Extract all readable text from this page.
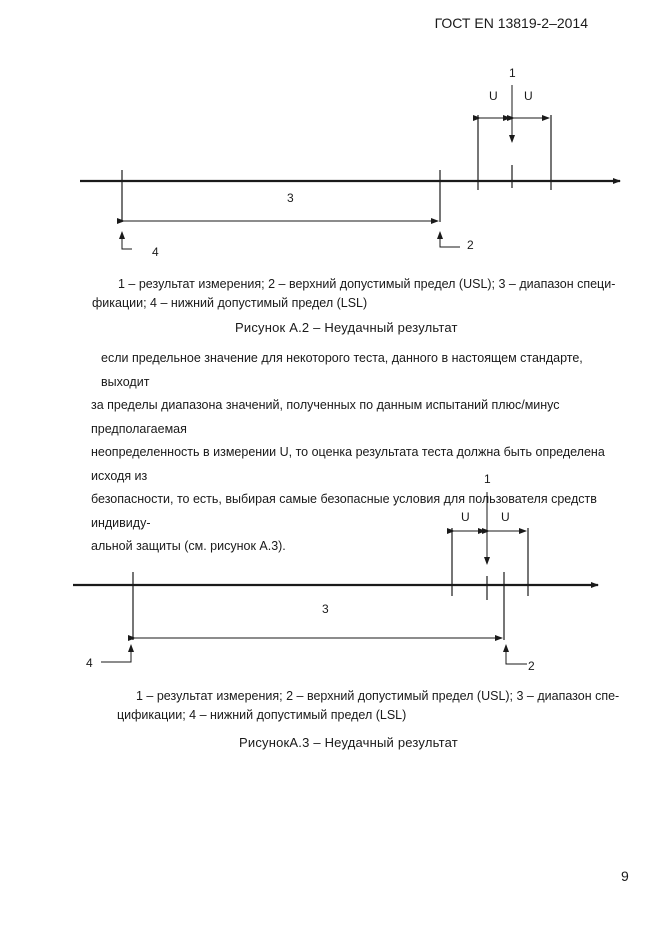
ГОСТ EN 13819-2–2014
1
U U
3
4	2
1 – результат измерения; 2 – верхний допустимый предел (USL); 3 – диапазон специ-
фикации; 4 – нижний допустимый предел (LSL)
Рисунок А.2 – Неудачный результат
если предельное значение для некоторого теста, данного в настоящем стандарте, выходит
за пределы диапазона значений, полученных по данным испытаний плюс/минус предполагаемая
неопределенность в измерении U, то оценка результата теста должна быть определена исходя из
безопасности, то есть, выбирая самые безопасные условия для пользователя средств индивиду-
альной защиты (см. рисунок А.3).
1
U	U
3
4	2
1 – результат измерения; 2 – верхний допустимый предел (USL); 3 – диапазон спе-
цификации; 4 – нижний допустимый предел (LSL)
РисунокА.3 – Неудачный результат
9
